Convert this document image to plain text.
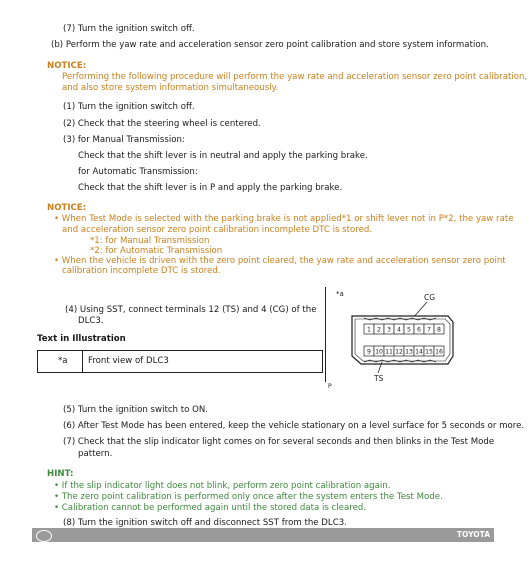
(7) Turn the ignition switch off.
(b) Perform the yaw rate and acceleration sensor zero point calibration and store system information.
NOTICE:
Performing the following procedure will perform the yaw rate and acceleration sensor zero point calibration,
and also store system information simultaneously.
(1) Turn the ignition switch off.
(2) Check that the steering wheel is centered.
(3) for Manual Transmission:
Check that the shift lever is in neutral and apply the parking brake.
for Automatic Transmission:
Check that the shift lever is in P and apply the parking brake.
NOTICE:
• When Test Mode is selected with the parking brake is not applied*1 or shift lever not in P*2, the yaw rate
and acceleration sensor zero point calibration incomplete DTC is stored.
*1: for Manual Transmission
*2: for Automatic Transmission
• When the vehicle is driven with the zero point cleared, the yaw rate and acceleration sensor zero point
calibration incomplete DTC is stored.
(4) Using SST, connect terminals 12 (TS) and 4 (CG) of the
DLC3.
Text in Illustration
*a Front view of DLC3
*a	CG
1 2 3 4 5 6 7 8
9 10 11 12 13 14 15 16
TS
P
(5) Turn the ignition switch to ON.
(6) After Test Mode has been entered, keep the vehicle stationary on a level surface for 5 seconds or more.
(7) Check that the slip indicator light comes on for several seconds and then blinks in the Test Mode
pattern.
HINT:
• If the slip indicator light does not blink, perform zero point calibration again.
• The zero point calibration is performed only once after the system enters the Test Mode.
• Calibration cannot be performed again until the stored data is cleared.
(8) Turn the ignition switch off and disconnect SST from the DLC3.
TOYOTA
